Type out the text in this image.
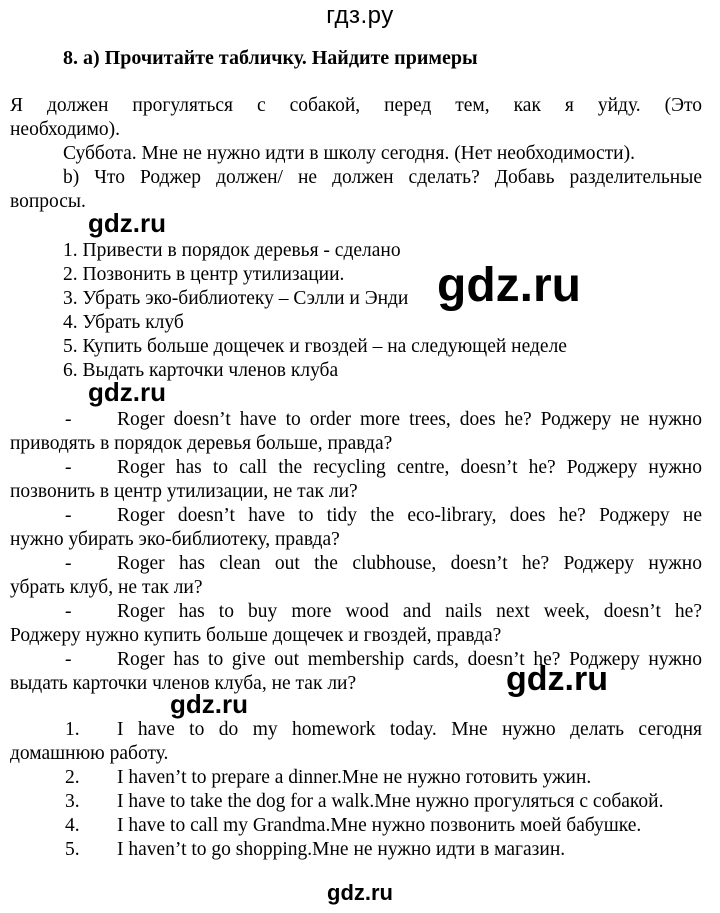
гдз.ру
8. a) Прочитайте табличку. Найдите примеры
Я должен прогуляться с собакой, перед тем, как я уйду. (Это
необходимо).
Суббота. Мне не нужно идти в школу сегодня. (Нет необходимости).
b) Что Роджер должен/ не должен сделать? Добавь разделительные
вопросы.
gdz.ru
1. Привести в порядок деревья - сделано
2. Позвонить в центр утилизации.
3. Убрать эко-библиотеку – Сэлли и Энди
4. Убрать клуб
5. Купить больше дощечек и гвоздей – на следующей неделе
6. Выдать карточки членов клуба
gdz.ru
gdz.ru
- Roger doesn’t have to order more trees, does he? Роджеру не нужно
приводять в порядок деревья больше, правда?
- Roger has to call the recycling centre, doesn’t he? Роджеру нужно
позвонить в центр утилизации, не так ли?
- Roger doesn’t have to tidy the eco-library, does he? Роджеру не
нужно убирать эко-библиотеку, правда?
- Roger has clean out the clubhouse, doesn’t he? Роджеру нужно
убрать клуб, не так ли?
- Roger has to buy more wood and nails next week, doesn’t he?
Роджеру нужно купить больше дощечек и гвоздей, правда?
- Roger has to give out membership cards, doesn’t he? Роджеру нужно
выдать карточки членов клуба, не так ли?	gdz.ru
gdz.ru
1. I have to do my homework today. Мне нужно делать сегодня
домашнюю работу.
2. I haven’t to prepare a dinner.Мне не нужно готовить ужин.
3. I have to take the dog for a walk.Мне нужно прогуляться с собакой.
4. I have to call my Grandma.Мне нужно позвонить моей бабушке.
5. I haven’t to go shopping.Мне не нужно идти в магазин.
gdz.ru
